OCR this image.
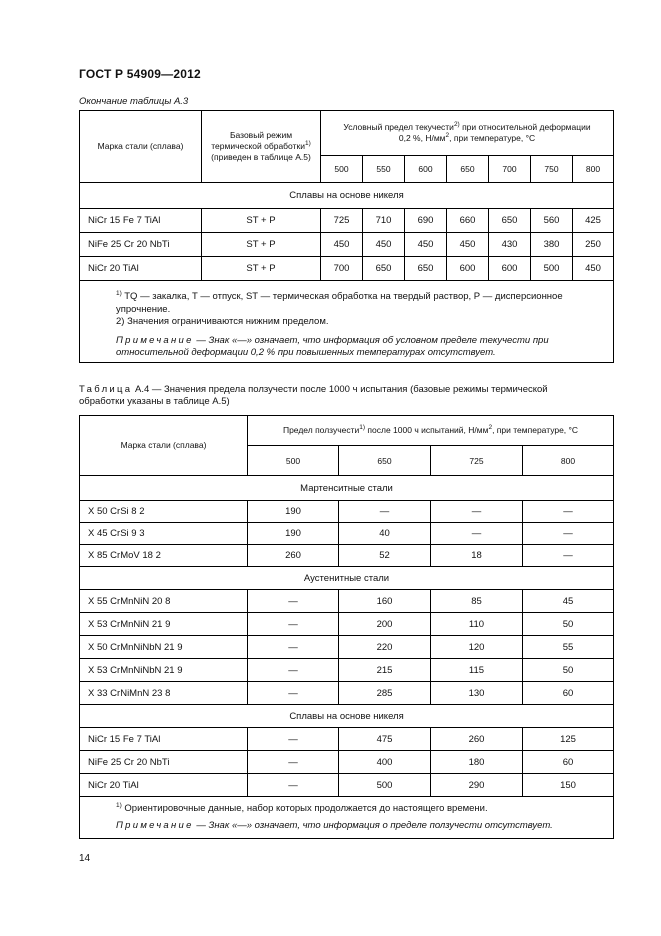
ГОСТ Р 54909—2012
Окончание таблицы А.3
Марка стали (сплава)	Базовый режим
термической обработки$^{1)}$
(приведен в таблице А.5)	Условный предел текучести$^{2)}$ при относительной деформации
0,2 %, $Н/мм^2$, при температуре, °С						
		500	550	600	650	700	750	800
Сплавы на основе никеля								
NiCr 15 Fe 7 TiAl	ST + P	725	710	690	660	650	560	425
NiFe 25 Cr 20 NbTi	ST + P	450	450	450	450	430	380	250
NiCr 20 TiAl	ST + P	700	650	650	600	600	500	450

$^{1)}$ TQ — закалка, Т — отпуск, ST — термическая обработка на твердый раствор, Р — дисперсионное упрочнение.

2) Значения ограничиваются нижним пределом.

Примечание — Знак «—» означает, что информация об условном пределе текучести при относительной деформации 0,2 % при повышенных температурах отсутствует.								

Таблица А.4 — Значения предела ползучести после 1000 ч испытания (базовые режимы термической обработки указаны в таблице А.5)
Марка стали (сплава)	Предел ползучести$^{1)}$ после 1000 ч испытаний, $Н/мм^2$, при температуре, °С			
	500	650	725	800
Мартенситные стали				
X 50 CrSi 8 2	190	—	—	—
X 45 CrSi 9 3	190	40	—	—
X 85 CrMoV 18 2	260	52	18	—
Аустенитные стали				
X 55 CrMnNiN 20 8	—	160	85	45
X 53 CrMnNiN 21 9	—	200	110	50
X 50 CrMnNiNbN 21 9	—	220	120	55
X 53 CrMnNiNbN 21 9	—	215	115	50
X 33 CrNiMnN 23 8	—	285	130	60
Сплавы на основе никеля				
NiCr 15 Fe 7 TiAl	—	475	260	125
NiFe 25 Cr 20 NbTi	—	400	180	60
NiCr 20 TiAl	—	500	290	150

$^{1)}$ Ориентировочные данные, набор которых продолжается до настоящего времени.

Примечание — Знак «—» означает, что информация о пределе ползучести отсутствует.				

14
